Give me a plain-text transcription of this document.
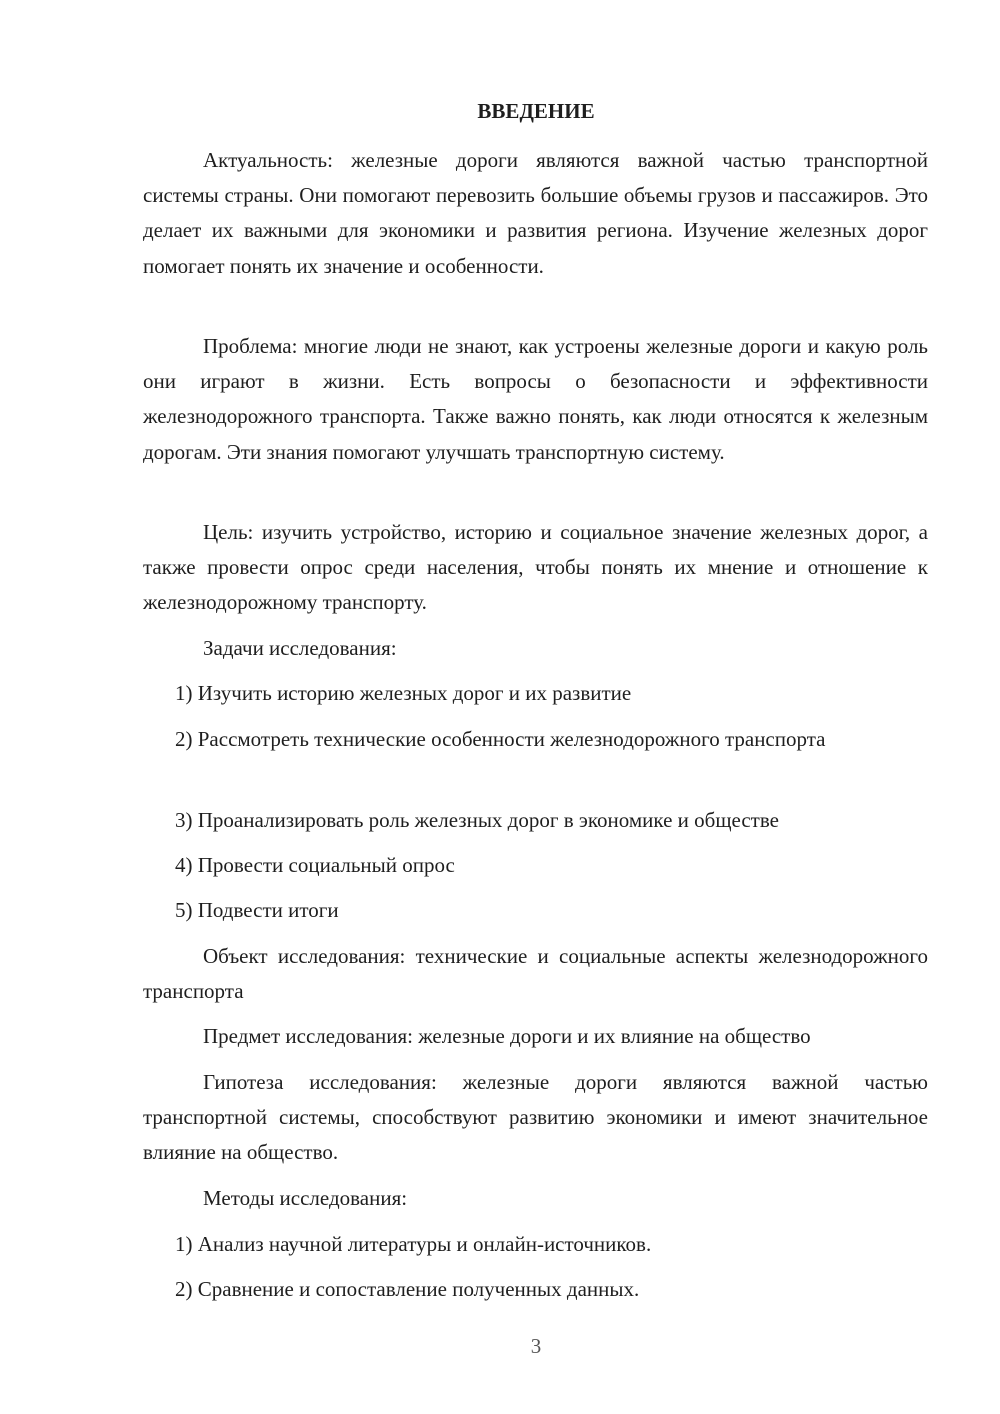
ВВЕДЕНИЕ

Актуальность: железные дороги являются важной частью транспортной системы страны. Они помогают перевозить большие объемы грузов и пассажиров. Это делает их важными для экономики и развития региона. Изучение железных дорог помогает понять их значение и особенности.

Проблема: многие люди не знают, как устроены железные дороги и какую роль они играют в жизни. Есть вопросы о безопасности и эффективности железнодорожного транспорта. Также важно понять, как люди относятся к железным дорогам. Эти знания помогают улучшать транспортную систему.

Цель: изучить устройство, историю и социальное значение железных дорог, а также провести опрос среди населения, чтобы понять их мнение и отношение к железнодорожному транспорту.

Задачи исследования:

1) Изучить историю железных дорог и их развитие

2) Рассмотреть технические особенности железнодорожного транспорта

3) Проанализировать роль железных дорог в экономике и обществе

4) Провести социальный опрос

5) Подвести итоги

Объект исследования: технические и социальные аспекты железнодорожного транспорта

Предмет исследования: железные дороги и их влияние на общество

Гипотеза исследования: железные дороги являются важной частью транспортной системы, способствуют развитию экономики и имеют значительное влияние на общество.

Методы исследования:

1) Анализ научной литературы и онлайн-источников.

2) Сравнение и сопоставление полученных данных.

3
